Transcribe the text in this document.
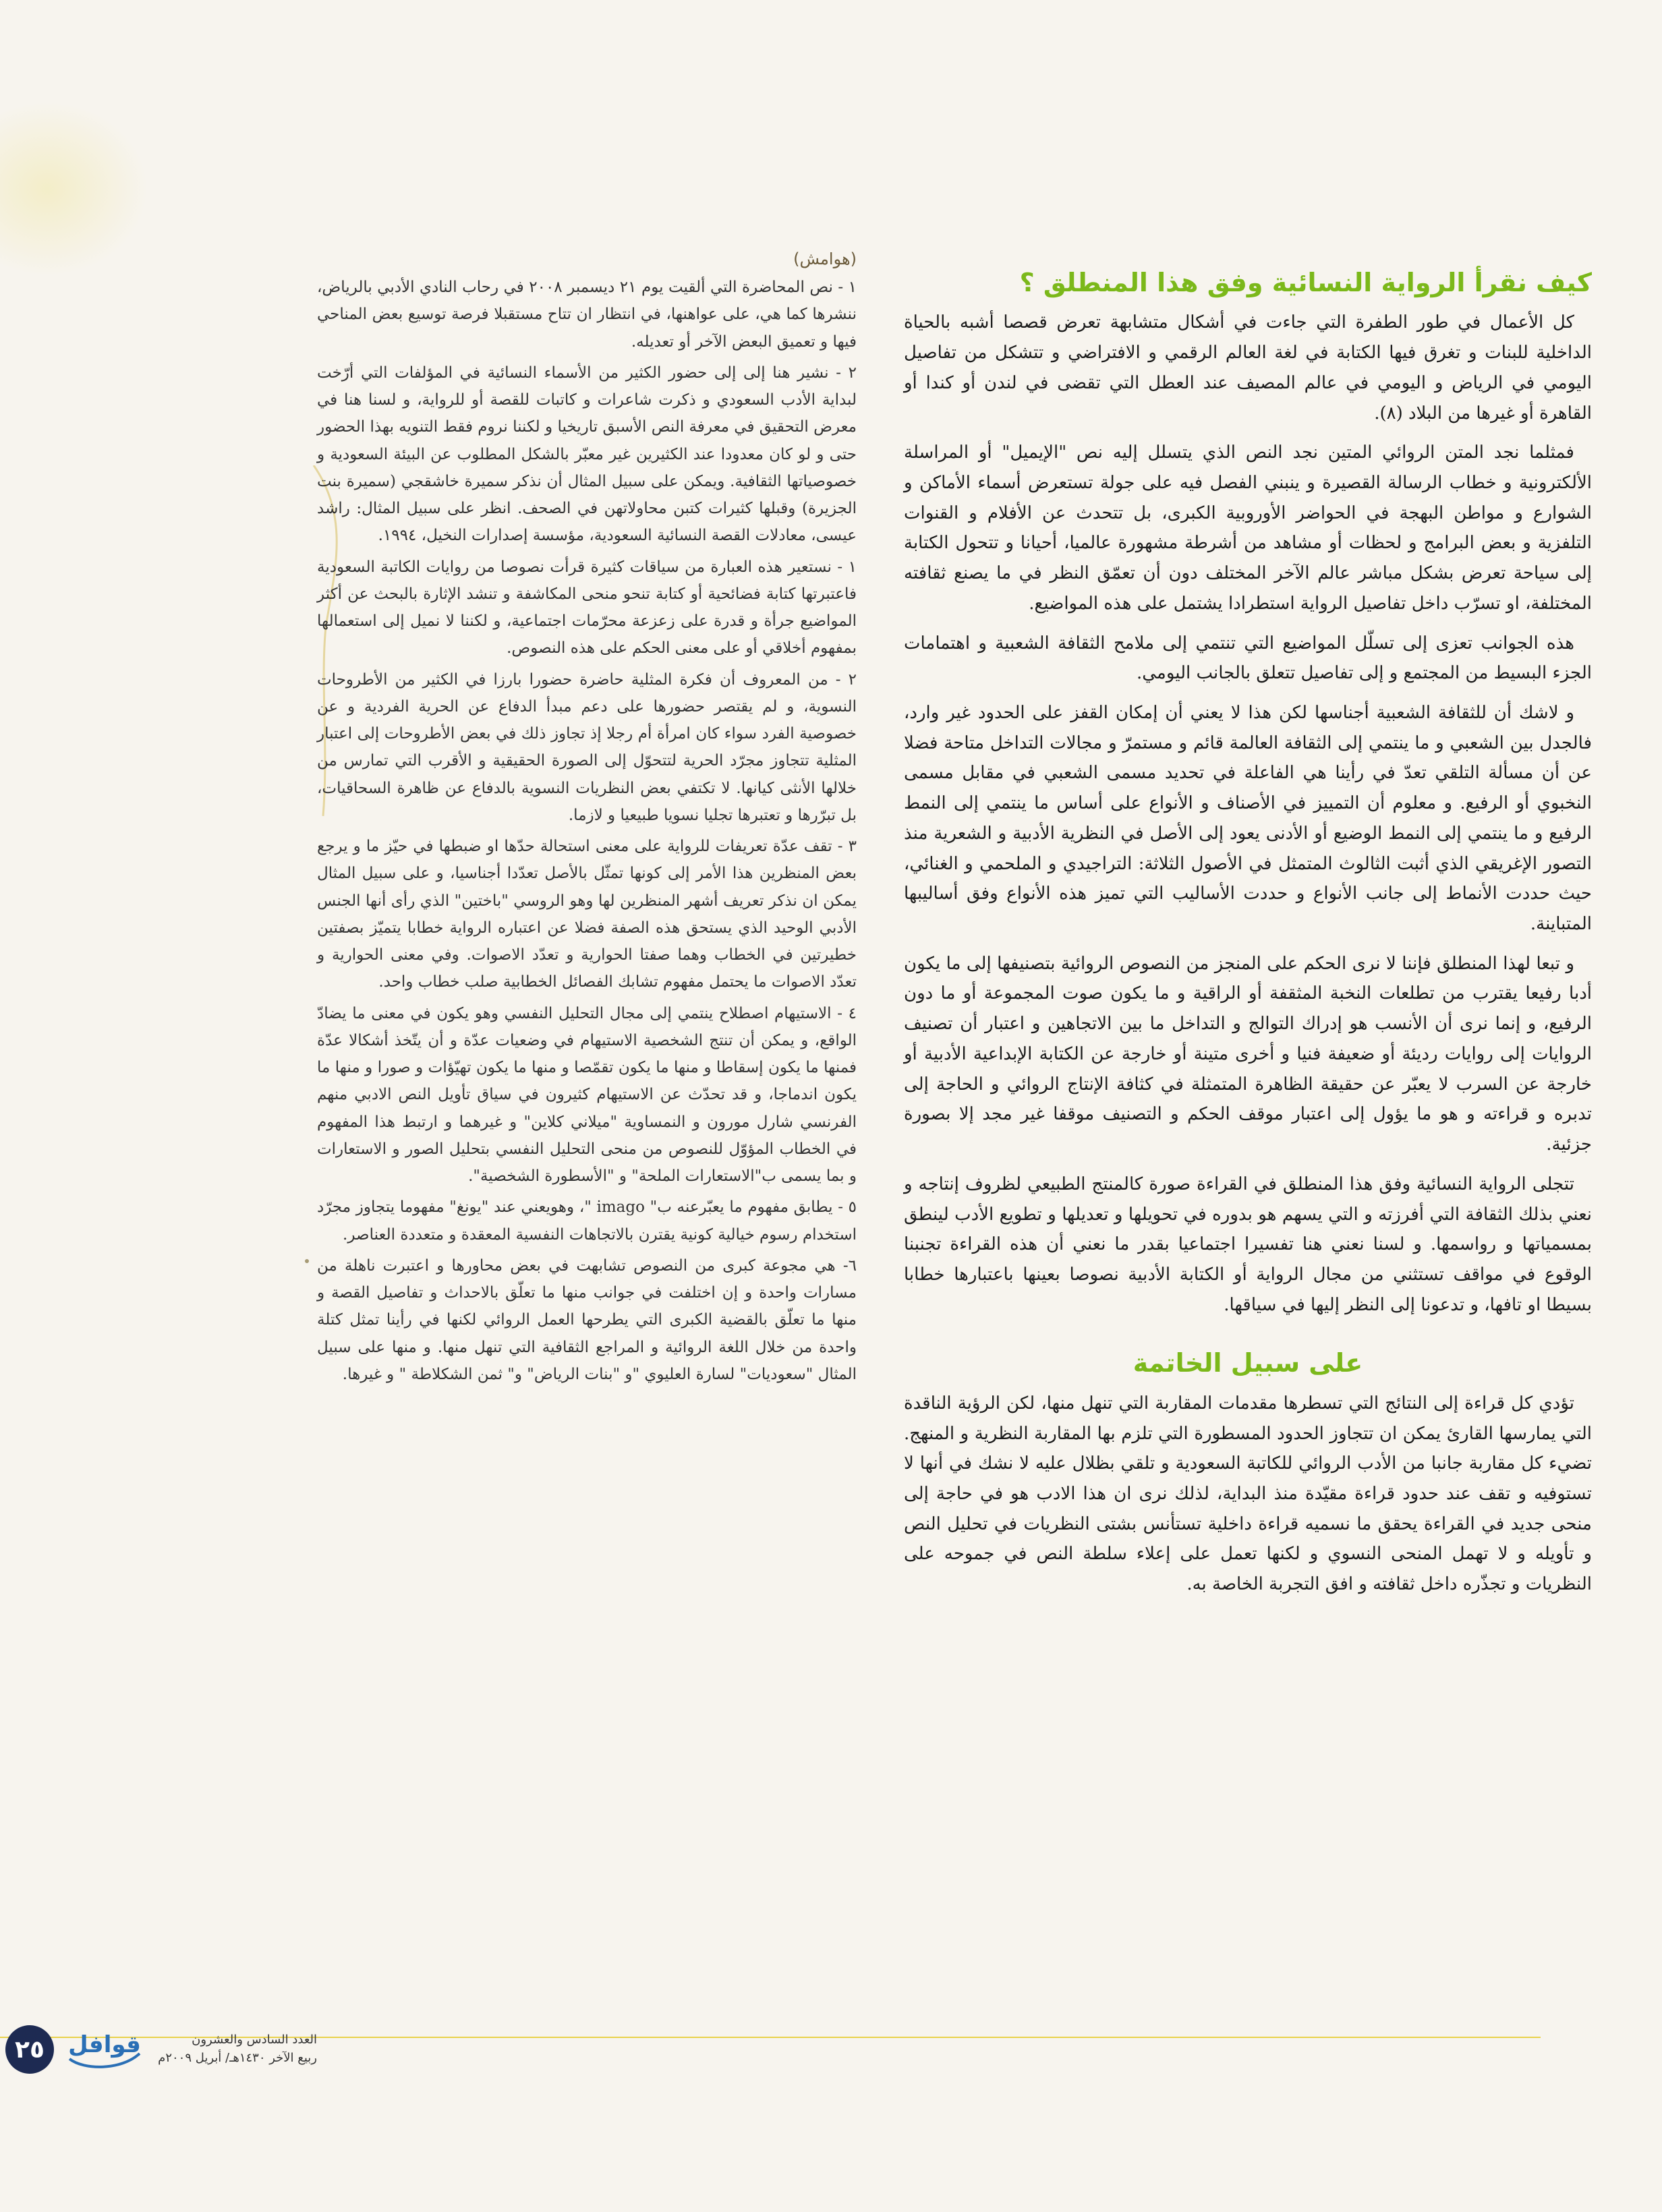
كيف نقرأ الرواية النسائية وفق هذا المنطلق ؟

كل الأعمال في طور الطفرة التي جاءت في أشكال متشابهة تعرض قصصا أشبه بالحياة الداخلية للبنات و تغرق فيها الكتابة في لغة العالم الرقمي و الافتراضي و تتشكل من تفاصيل اليومي في الرياض و اليومي في عالم المصيف عند العطل التي تقضى في لندن أو كندا أو القاهرة أو غيرها من البلاد (٨).

فمثلما نجد المتن الروائي المتين نجد النص الذي يتسلل إليه نص "الإيميل" أو المراسلة الألكترونية و خطاب الرسالة القصيرة و ينبني الفصل فيه على جولة تستعرض أسماء الأماكن و الشوارع و مواطن البهجة في الحواضر الأوروبية الكبرى، بل تتحدث عن الأفلام و القنوات التلفزية و بعض البرامج و لحظات أو مشاهد من أشرطة مشهورة عالميا، أحيانا و تتحول الكتابة إلى سياحة تعرض بشكل مباشر عالم الآخر المختلف دون أن تعمّق النظر في ما يصنع ثقافته المختلفة، او تسرّب داخل تفاصيل الرواية استطرادا يشتمل على هذه المواضيع.

هذه الجوانب تعزى إلى تسلّل المواضيع التي تنتمي إلى ملامح الثقافة الشعبية و اهتمامات الجزء البسيط من المجتمع و إلى تفاصيل تتعلق بالجانب اليومي.

و لاشك أن للثقافة الشعبية أجناسها لكن هذا لا يعني أن إمكان القفز على الحدود غير وارد، فالجدل بين الشعبي و ما ينتمي إلى الثقافة العالمة قائم و مستمرّ و مجالات التداخل متاحة فضلا عن أن مسألة التلقي تعدّ في رأينا هي الفاعلة في تحديد مسمى الشعبي في مقابل مسمى النخبوي أو الرفيع. و معلوم أن التمييز في الأصناف و الأنواع على أساس ما ينتمي إلى النمط الرفيع و ما ينتمي إلى النمط الوضيع أو الأدنى يعود إلى الأصل في النظرية الأدبية و الشعرية منذ التصور الإغريقي الذي أثبت الثالوث المتمثل في الأصول الثلاثة: التراجيدي و الملحمي و الغنائي، حيث حددت الأنماط إلى جانب الأنواع و حددت الأساليب التي تميز هذه الأنواع وفق أساليبها المتباينة.

و تبعا لهذا المنطلق فإننا لا نرى الحكم على المنجز من النصوص الروائية بتصنيفها إلى ما يكون أدبا رفيعا يقترب من تطلعات النخبة المثقفة أو الراقية و ما يكون صوت المجموعة أو ما دون الرفيع، و إنما نرى أن الأنسب هو إدراك التوالج و التداخل ما بين الاتجاهين و اعتبار أن تصنيف الروايات إلى روايات رديئة أو ضعيفة فنيا و أخرى متينة أو خارجة عن الكتابة الإبداعية الأدبية أو خارجة عن السرب لا يعبّر عن حقيقة الظاهرة المتمثلة في كثافة الإنتاج الروائي و الحاجة إلى تدبره و قراءته و هو ما يؤول إلى اعتبار موقف الحكم و التصنيف موقفا غير مجد إلا بصورة جزئية.

تتجلى الرواية النسائية وفق هذا المنطلق في القراءة صورة كالمنتج الطبيعي لظروف إنتاجه و نعني بذلك الثقافة التي أفرزته و التي يسهم هو بدوره في تحويلها و تعديلها و تطويع الأدب لينطق بمسمياتها و رواسمها. و لسنا نعني هنا تفسيرا اجتماعيا بقدر ما نعني أن هذه القراءة تجنبنا الوقوع في مواقف تستثني من مجال الرواية أو الكتابة الأدبية نصوصا بعينها باعتبارها خطابا بسيطا او تافها، و تدعونا إلى النظر إليها في سياقها.

على سبيل الخاتمة

تؤدي كل قراءة إلى النتائج التي تسطرها مقدمات المقاربة التي تنهل منها، لكن الرؤية الناقدة التي يمارسها القارئ يمكن ان تتجاوز الحدود المسطورة التي تلزم بها المقاربة النظرية و المنهج. تضيء كل مقاربة جانبا من الأدب الروائي للكاتبة السعودية و تلقي بظلال عليه لا نشك في أنها لا تستوفيه و تقف عند حدود قراءة مقيّدة منذ البداية، لذلك نرى ان هذا الادب هو في حاجة إلى منحى جديد في القراءة يحقق ما نسميه قراءة داخلية تستأنس بشتى النظريات في تحليل النص و تأويله و لا تهمل المنحى النسوي و لكنها تعمل على إعلاء سلطة النص في جموحه على النظريات و تجذّره داخل ثقافته و افق التجربة الخاصة به.

(هوامش)

١ - نص المحاضرة التي ألقيت يوم ٢١ ديسمبر ٢٠٠٨ في رحاب النادي الأدبي بالرياض، ننشرها كما هي، على عواهنها، في انتظار ان تتاح مستقبلا فرصة توسيع بعض المناحي فيها و تعميق البعض الآخر أو تعديله.

٢ - نشير هنا إلى إلى حضور الكثير من الأسماء النسائية في المؤلفات التي أرّخت لبداية الأدب السعودي و ذكرت شاعرات و كاتبات للقصة أو للرواية، و لسنا هنا في معرض التحقيق في معرفة النص الأسبق تاريخيا و لكننا نروم فقط التنويه بهذا الحضور حتى و لو كان معدودا عند الكثيرين غير معبّر بالشكل المطلوب عن البيئة السعودية و خصوصياتها الثقافية. ويمكن على سبيل المثال أن نذكر سميرة خاشقجي (سميرة بنت الجزيرة) وقبلها كثيرات كتبن محاولاتهن في الصحف. انظر على سبيل المثال: راشد عيسى، معادلات القصة النسائية السعودية، مؤسسة إصدارات النخيل، ١٩٩٤.

١ - نستعير هذه العبارة من سياقات كثيرة قرأت نصوصا من روايات الكاتبة السعودية فاعتبرتها كتابة فضائحية أو كتابة تنحو منحى المكاشفة و تنشد الإثارة بالبحث عن أكثر المواضيع جرأة و قدرة على زعزعة محرّمات اجتماعية، و لكننا لا نميل إلى استعمالها بمفهوم أخلاقي أو على معنى الحكم على هذه النصوص.

٢ - من المعروف أن فكرة المثلية حاضرة حضورا بارزا في الكثير من الأطروحات النسوية، و لم يقتصر حضورها على دعم مبدأ الدفاع عن الحرية الفردية و عن خصوصية الفرد سواء كان امرأة أم رجلا إذ تجاوز ذلك في بعض الأطروحات إلى اعتبار المثلية تتجاوز مجرّد الحرية لتتحوّل إلى الصورة الحقيقية و الأقرب التي تمارس من خلالها الأنثى كيانها. لا تكتفي بعض النظريات النسوية بالدفاع عن ظاهرة السحاقيات، بل تبرّرها و تعتبرها تجليا نسويا طبيعيا و لازما.

٣ - تقف عدّة تعريفات للرواية على معنى استحالة حدّها او ضبطها في حيّز ما و يرجع بعض المنظرين هذا الأمر إلى كونها تمثّل بالأصل تعدّدا أجناسيا، و على سبيل المثال يمكن ان نذكر تعريف أشهر المنظرين لها وهو الروسي "باختين" الذي رأى أنها الجنس الأدبي الوحيد الذي يستحق هذه الصفة فضلا عن اعتباره الرواية خطابا يتميّز بصفتين خطيرتين في الخطاب وهما صفتا الحوارية و تعدّد الاصوات. وفي معنى الحوارية و تعدّد الاصوات ما يحتمل مفهوم تشابك الفصائل الخطابية صلب خطاب واحد.

٤ - الاستيهام اصطلاح ينتمي إلى مجال التحليل النفسي وهو يكون في معنى ما يضادّ الواقع، و يمكن أن تنتج الشخصية الاستيهام في وضعيات عدّة و أن يتّخذ أشكالا عدّة فمنها ما يكون إسقاطا و منها ما يكون تقمّصا و منها ما يكون تهيّؤات و صورا و منها ما يكون اندماجا، و قد تحدّث عن الاستيهام كثيرون في سياق تأويل النص الادبي منهم الفرنسي شارل مورون و النمساوية "ميلاني كلاين" و غيرهما و ارتبط هذا المفهوم في الخطاب المؤوّل للنصوص من منحى التحليل النفسي بتحليل الصور و الاستعارات و بما يسمى ب"الاستعارات الملحة" و "الأسطورة الشخصية".

٥ - يطابق مفهوم ما يعبّرعنه ب" imago "، وهويعني عند "يونغ" مفهوما يتجاوز مجرّد استخدام رسوم خيالية كونية يقترن بالاتجاهات النفسية المعقدة و متعددة العناصر.

٦- هي مجوعة كبرى من النصوص تشابهت في بعض محاورها و اعتبرت ناهلة من مسارات واحدة و إن اختلفت في جوانب منها ما تعلّق بالاحداث و تفاصيل القصة و منها ما تعلّق بالقضية الكبرى التي يطرحها العمل الروائي لكنها في رأينا تمثل كتلة واحدة من خلال اللغة الروائية و المراجع الثقافية التي تنهل منها. و منها على سبيل المثال "سعوديات" لسارة العليوي "و "بنات الرياض" و" ثمن الشكلاطة " و غيرها.

٢٥	قوافل	العدد السادس والعشرون
ربيع الآخر ١٤٣٠هـ/ أبريل ٢٠٠٩م
